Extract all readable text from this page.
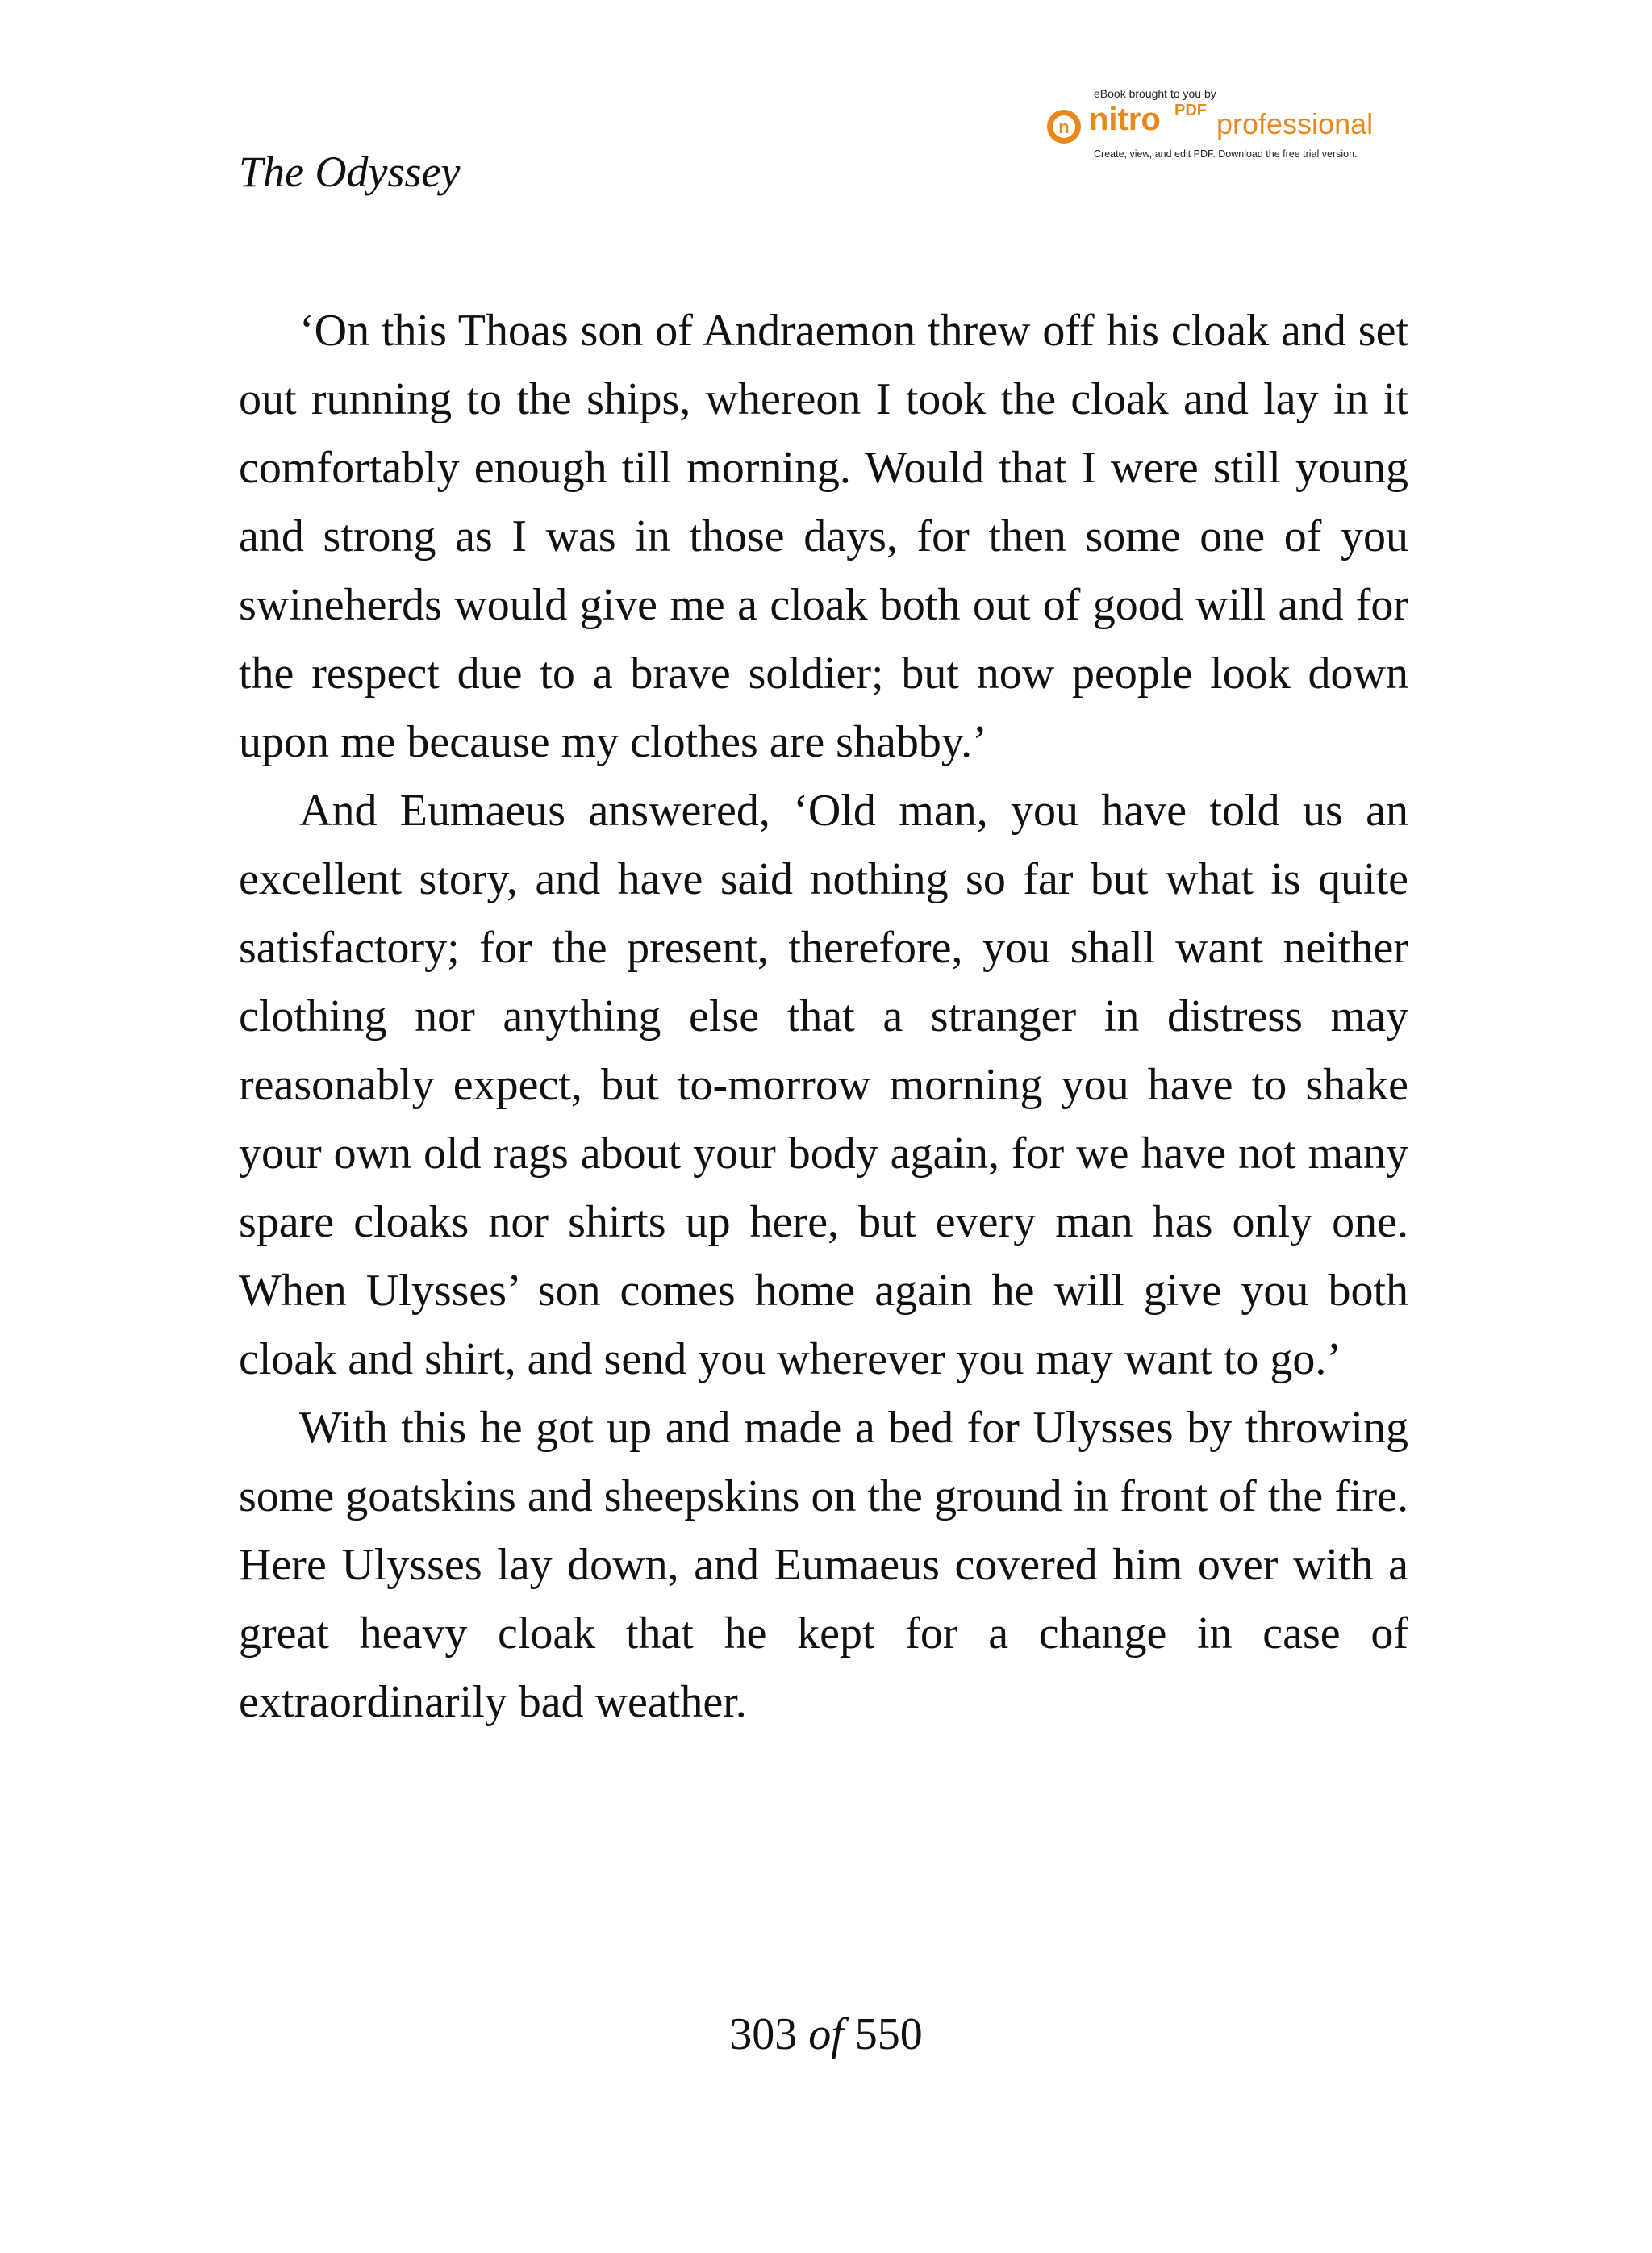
The Odyssey
eBook brought to you by
n nitro PDF professional
Create, view, and edit PDF. Download the free trial version.

‘On this Thoas son of Andraemon threw off his cloak and set out running to the ships, whereon I took the cloak and lay in it comfortably enough till morning. Would that I were still young and strong as I was in those days, for then some one of you swineherds would give me a cloak both out of good will and for the respect due to a brave soldier; but now people look down upon me because my clothes are shabby.’

And Eumaeus answered, ‘Old man, you have told us an excellent story, and have said nothing so far but what is quite satisfactory; for the present, therefore, you shall want neither clothing nor anything else that a stranger in distress may reasonably expect, but to-morrow morning you have to shake your own old rags about your body again, for we have not many spare cloaks nor shirts up here, but every man has only one. When Ulysses’ son comes home again he will give you both cloak and shirt, and send you wherever you may want to go.’

With this he got up and made a bed for Ulysses by throwing some goatskins and sheepskins on the ground in front of the fire. Here Ulysses lay down, and Eumaeus covered him over with a great heavy cloak that he kept for a change in case of extraordinarily bad weather.

303 of 550
